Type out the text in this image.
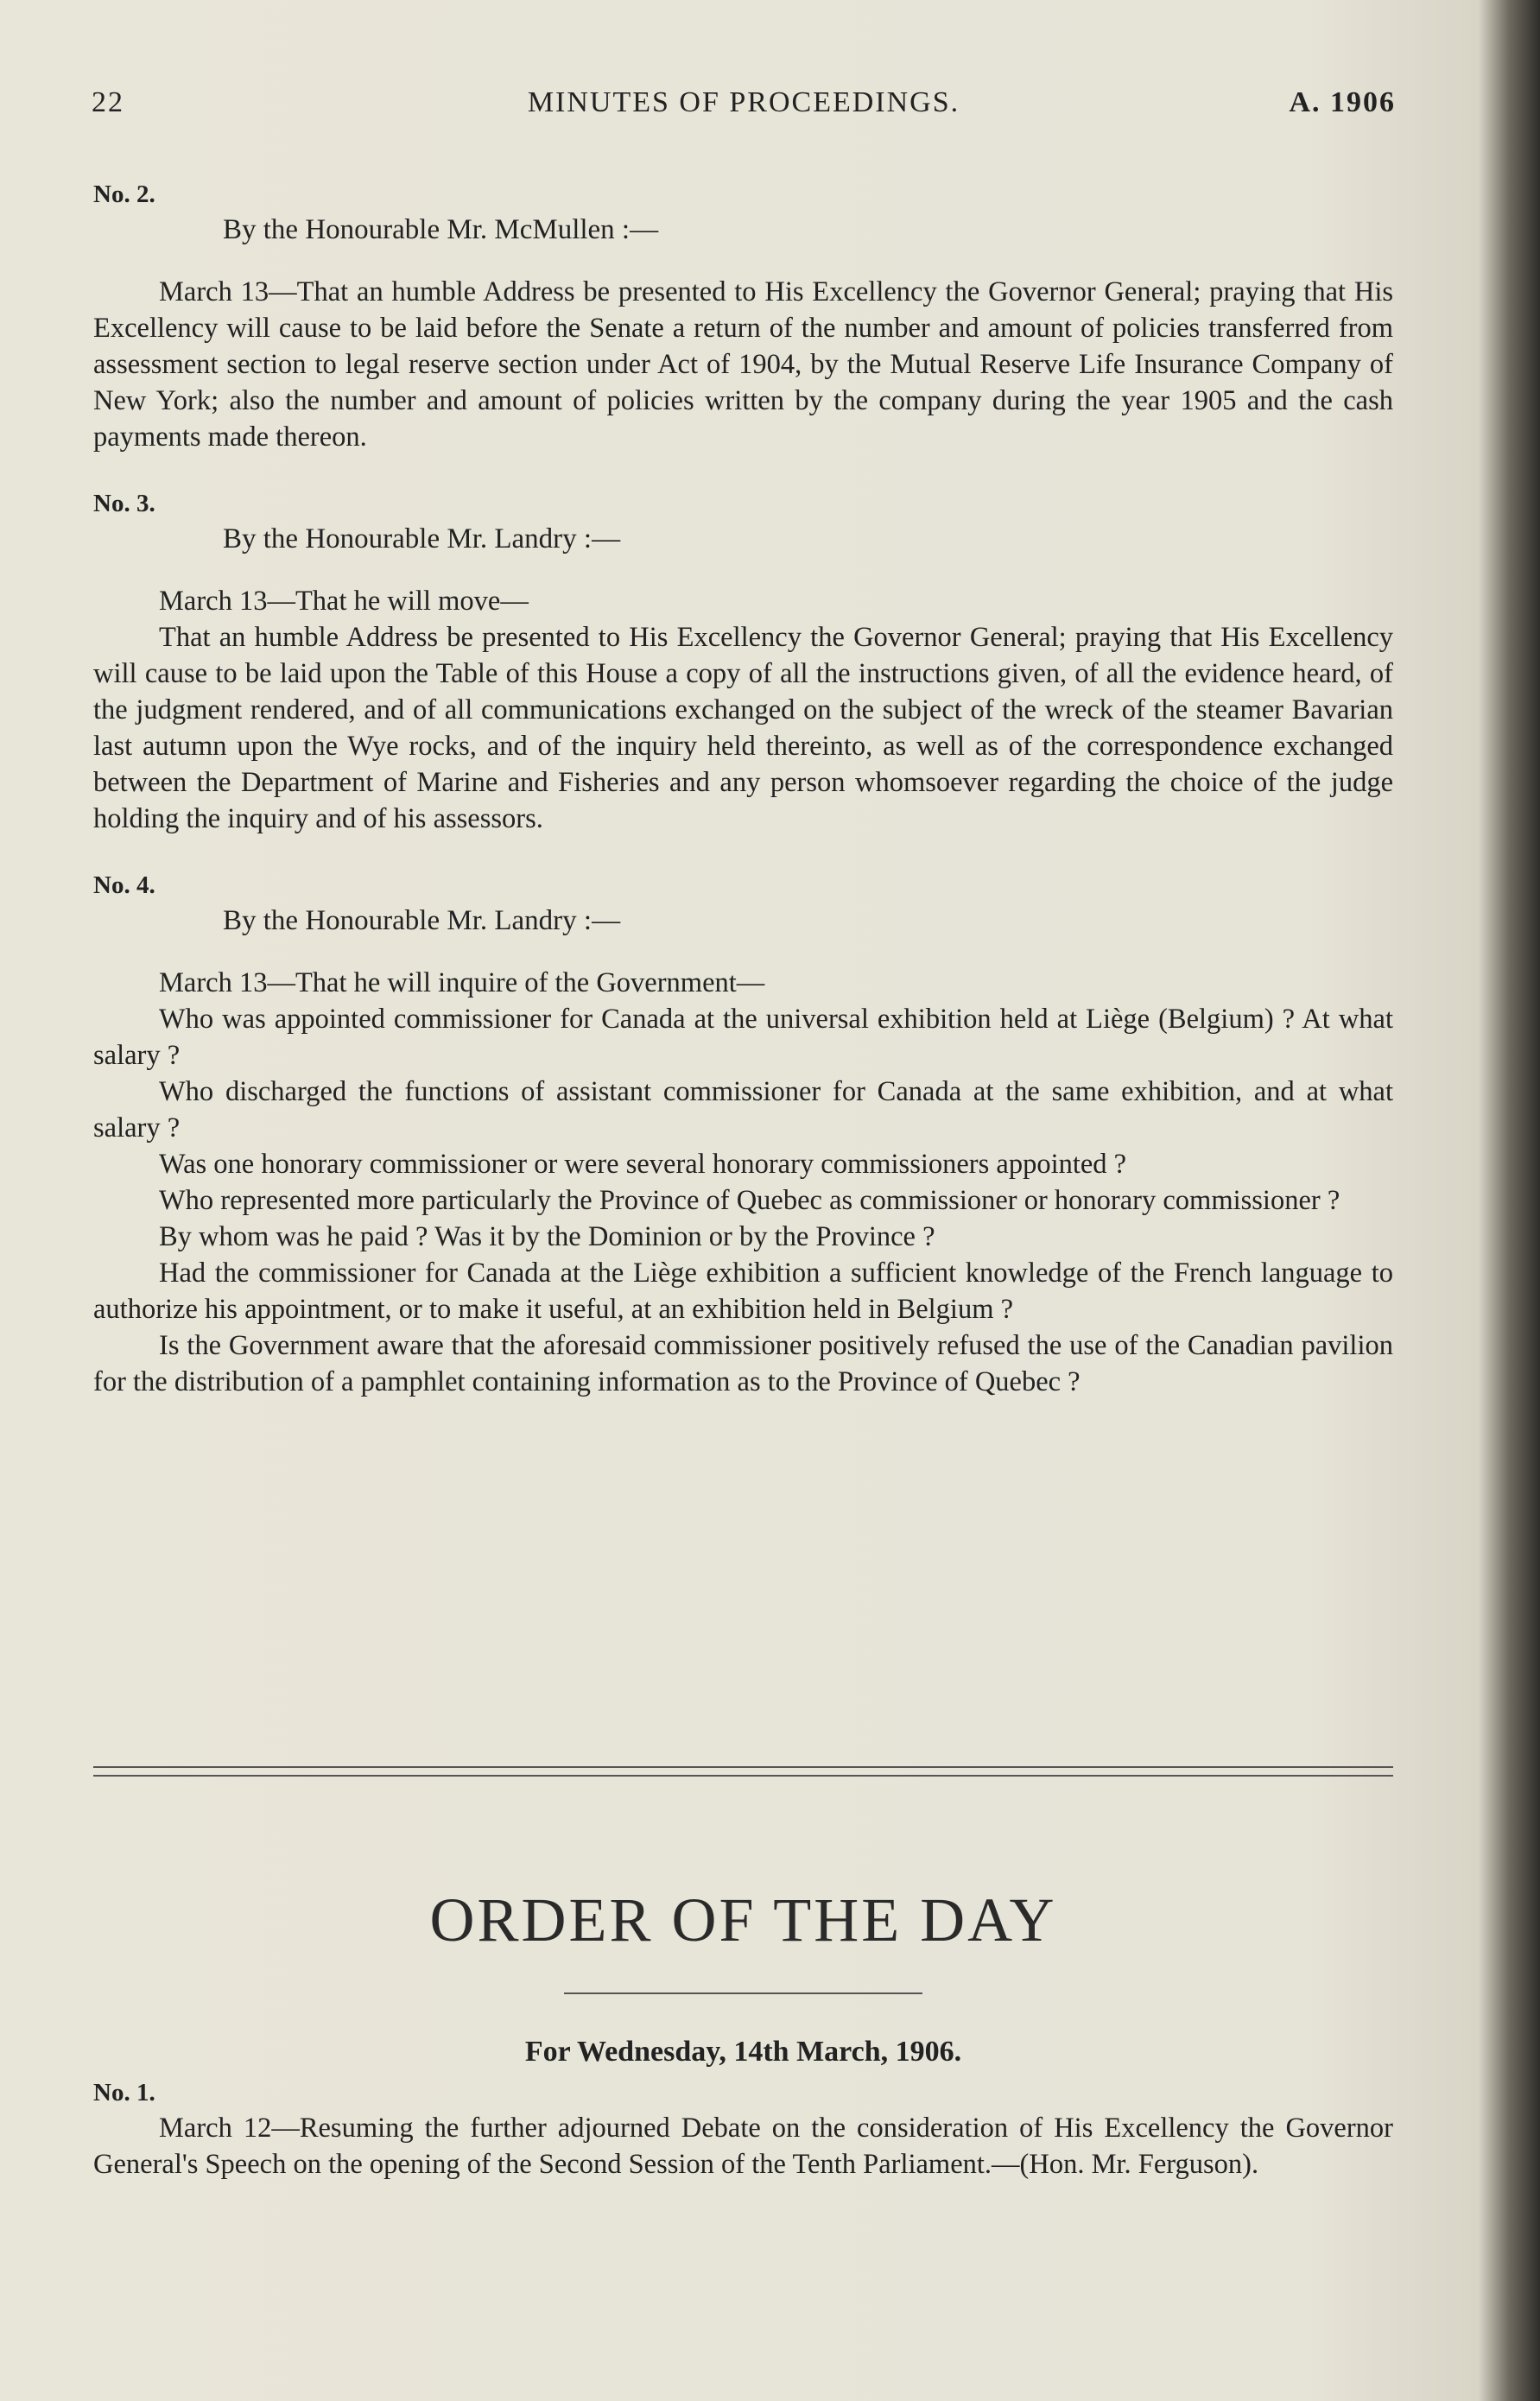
22	MINUTES OF PROCEEDINGS.	A. 1906

No. 2.

By the Honourable Mr. McMullen :—

March 13—That an humble Address be presented to His Excellency the Governor General; praying that His Excellency will cause to be laid before the Senate a return of the number and amount of policies transferred from assessment section to legal reserve section under Act of 1904, by the Mutual Reserve Life Insurance Company of New York; also the number and amount of policies written by the company during the year 1905 and the cash payments made thereon.

No. 3.

By the Honourable Mr. Landry :—

March 13—That he will move—

That an humble Address be presented to His Excellency the Governor General; praying that His Excellency will cause to be laid upon the Table of this House a copy of all the instructions given, of all the evidence heard, of the judgment rendered, and of all communications exchanged on the subject of the wreck of the steamer Bavarian last autumn upon the Wye rocks, and of the inquiry held thereinto, as well as of the correspondence exchanged between the Department of Marine and Fisheries and any person whomsoever regarding the choice of the judge holding the inquiry and of his assessors.

No. 4.

By the Honourable Mr. Landry :—

March 13—That he will inquire of the Government—

Who was appointed commissioner for Canada at the universal exhibition held at Liège (Belgium) ? At what salary ?

Who discharged the functions of assistant commissioner for Canada at the same exhibition, and at what salary ?

Was one honorary commissioner or were several honorary commissioners appointed ?

Who represented more particularly the Province of Quebec as commissioner or honorary commissioner ?

By whom was he paid ? Was it by the Dominion or by the Province ?

Had the commissioner for Canada at the Liège exhibition a sufficient knowledge of the French language to authorize his appointment, or to make it useful, at an exhibition held in Belgium ?

Is the Government aware that the aforesaid commissioner positively refused the use of the Canadian pavilion for the distribution of a pamphlet containing information as to the Province of Quebec ?

ORDER OF THE DAY

For Wednesday, 14th March, 1906.

No. 1.

March 12—Resuming the further adjourned Debate on the consideration of His Excellency the Governor General's Speech on the opening of the Second Session of the Tenth Parliament.—(Hon. Mr. Ferguson).
